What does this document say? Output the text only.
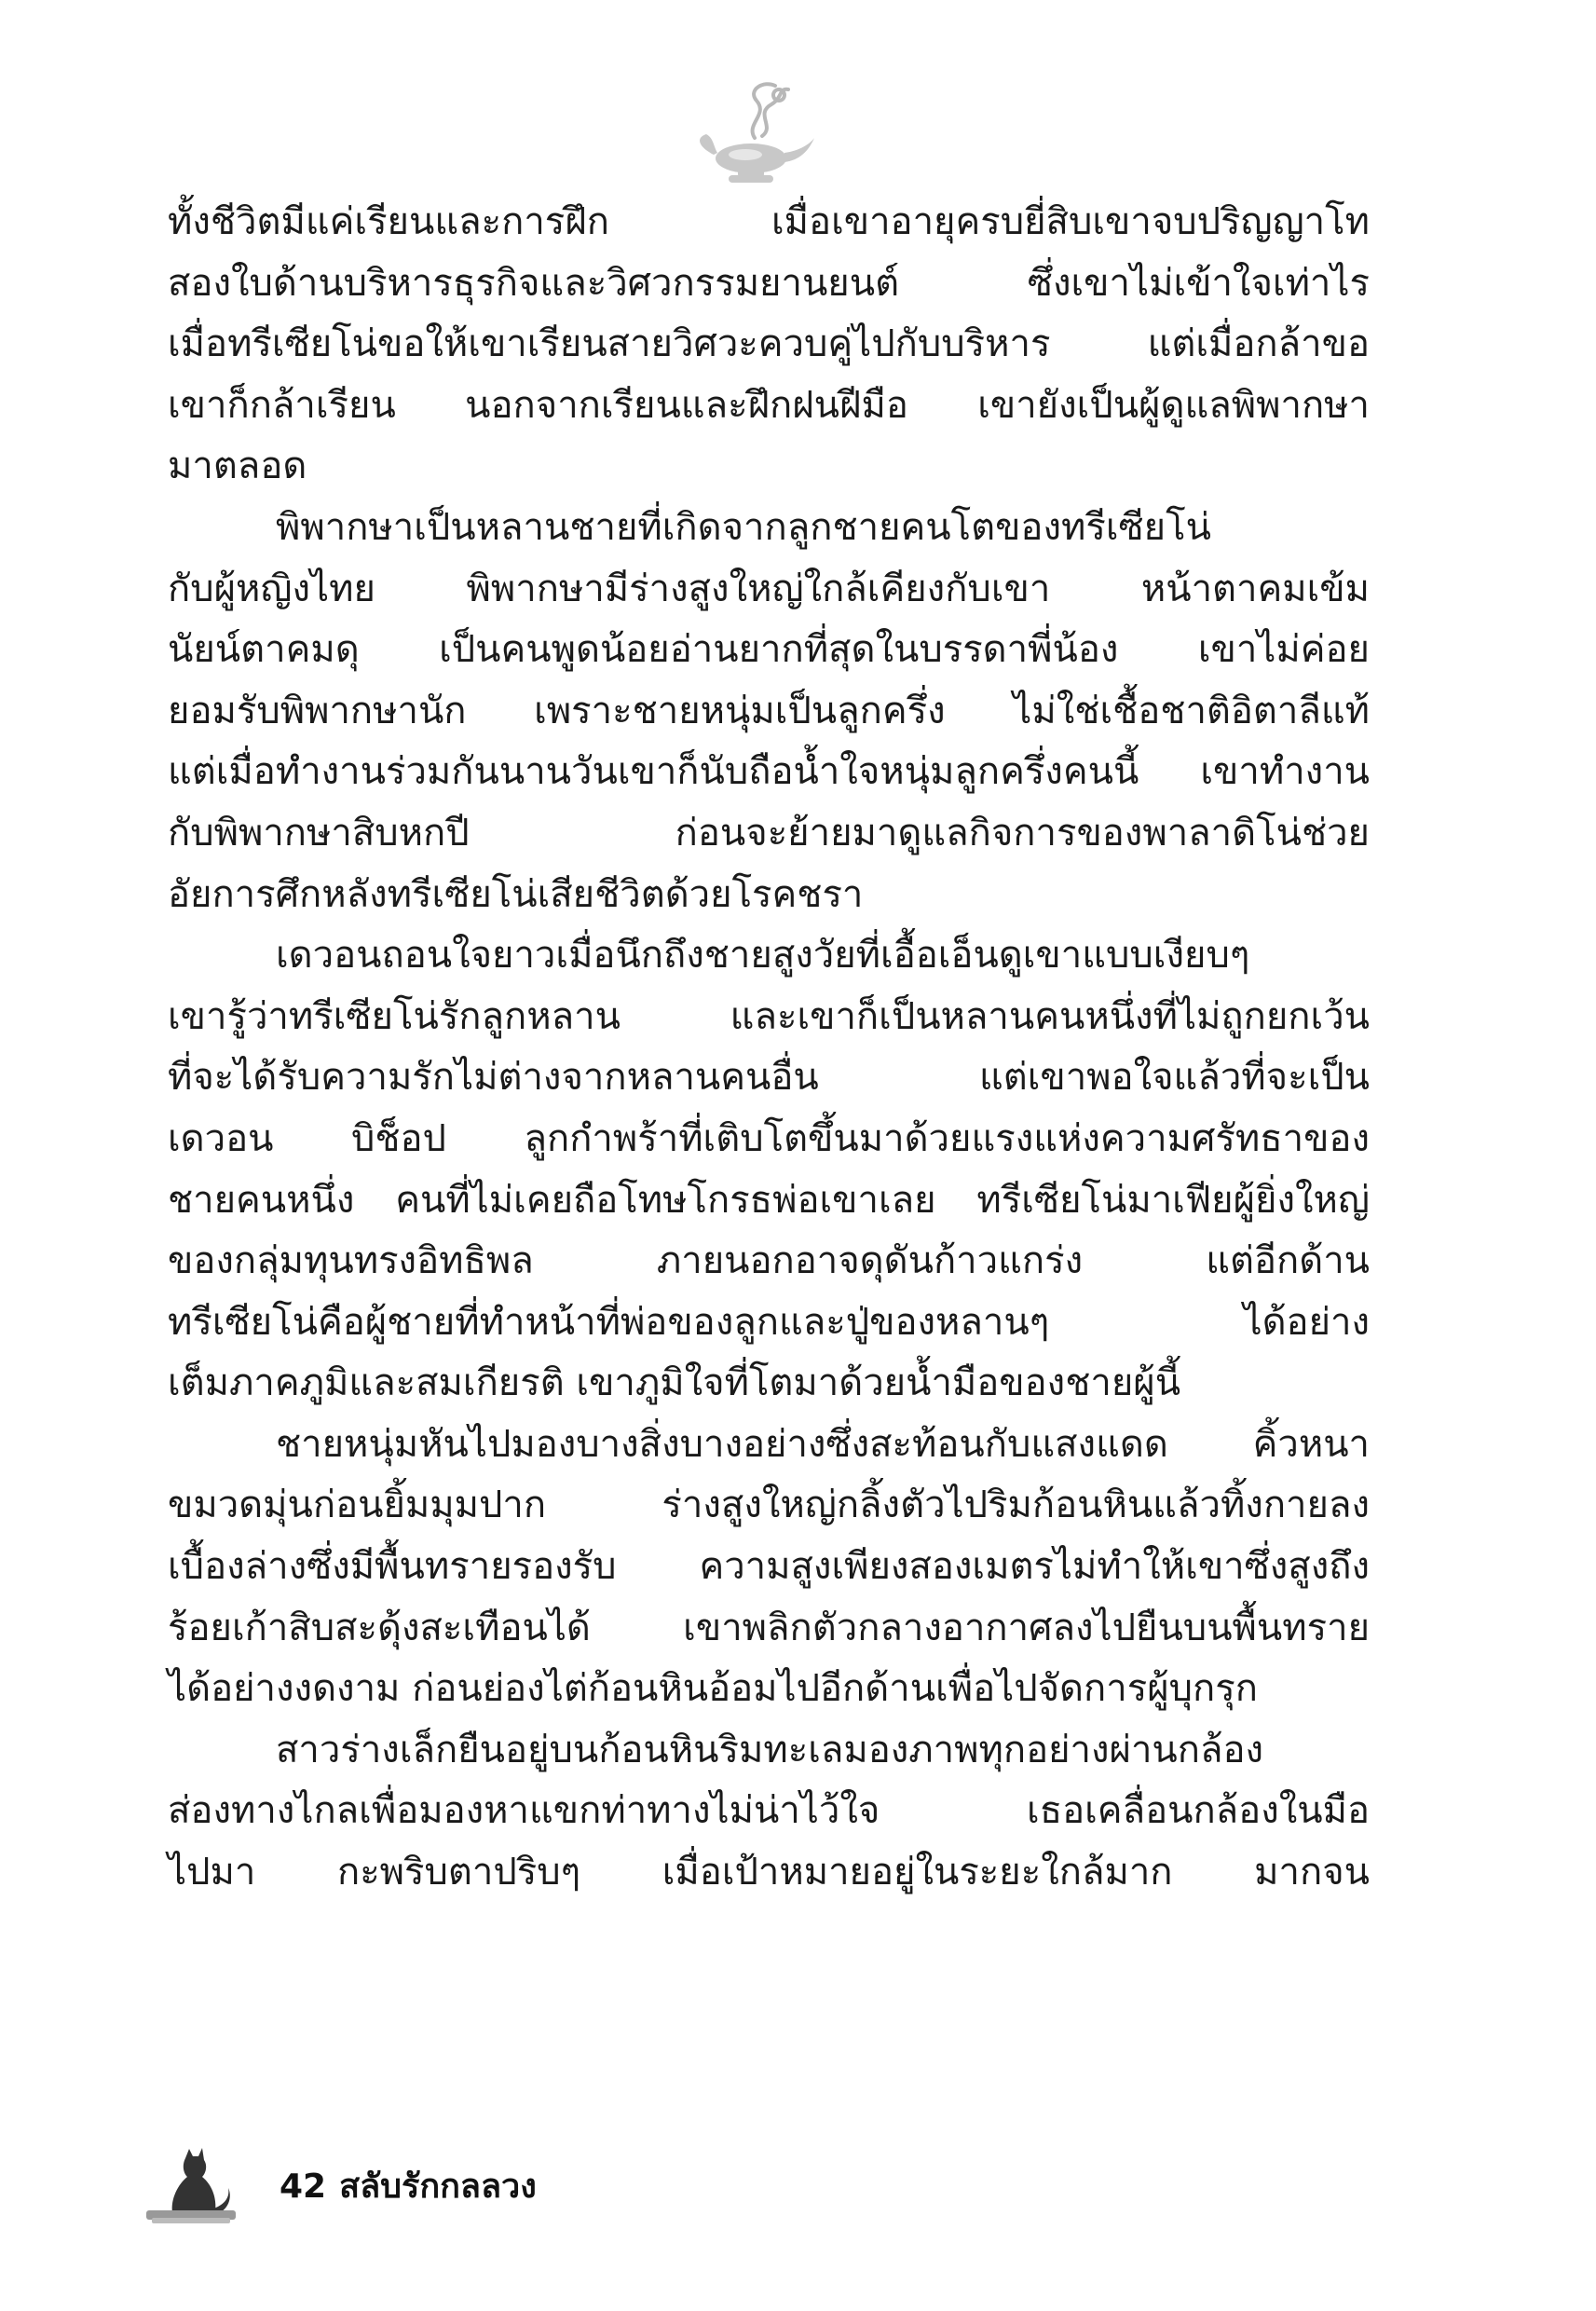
ทั้งชีวิตมีแค่เรียนและการฝึก เมื่อเขาอายุครบยี่สิบเขาจบปริญญาโท
สองใบด้านบริหารธุรกิจและวิศวกรรมยานยนต์ ซึ่งเขาไม่เข้าใจเท่าไร
เมื่อทรีเซียโน่ขอให้เขาเรียนสายวิศวะควบคู่ไปกับบริหาร แต่เมื่อกล้าขอ
เขาก็กล้าเรียน นอกจากเรียนและฝึกฝนฝีมือ เขายังเป็นผู้ดูแลพิพากษา
มาตลอด
พิพากษาเป็นหลานชายที่เกิดจากลูกชายคนโตของทรีเซียโน่
กับผู้หญิงไทย พิพากษามีร่างสูงใหญ่ใกล้เคียงกับเขา หน้าตาคมเข้ม
นัยน์ตาคมดุ เป็นคนพูดน้อยอ่านยากที่สุดในบรรดาพี่น้อง เขาไม่ค่อย
ยอมรับพิพากษานัก เพราะชายหนุ่มเป็นลูกครึ่ง ไม่ใช่เชื้อชาติอิตาลีแท้
แต่เมื่อทำงานร่วมกันนานวันเขาก็นับถือน้ำใจหนุ่มลูกครึ่งคนนี้ เขาทำงาน
กับพิพากษาสิบหกปี ก่อนจะย้ายมาดูแลกิจการของพาลาดิโน่ช่วย
อัยการศึกหลังทรีเซียโน่เสียชีวิตด้วยโรคชรา
เดวอนถอนใจยาวเมื่อนึกถึงชายสูงวัยที่เอื้อเอ็นดูเขาแบบเงียบๆ
เขารู้ว่าทรีเซียโน่รักลูกหลาน และเขาก็เป็นหลานคนหนึ่งที่ไม่ถูกยกเว้น
ที่จะได้รับความรักไม่ต่างจากหลานคนอื่น แต่เขาพอใจแล้วที่จะเป็น
เดวอน บิช็อป ลูกกำพร้าที่เติบโตขึ้นมาด้วยแรงแห่งความศรัทธาของ
ชายคนหนึ่ง คนที่ไม่เคยถือโทษโกรธพ่อเขาเลย ทรีเซียโน่มาเฟียผู้ยิ่งใหญ่
ของกลุ่มทุนทรงอิทธิพล ภายนอกอาจดุดันก้าวแกร่ง แต่อีกด้าน
ทรีเซียโน่คือผู้ชายที่ทำหน้าที่พ่อของลูกและปู่ของหลานๆ ได้อย่าง
เต็มภาคภูมิและสมเกียรติ เขาภูมิใจที่โตมาด้วยน้ำมือของชายผู้นี้
ชายหนุ่มหันไปมองบางสิ่งบางอย่างซึ่งสะท้อนกับแสงแดด คิ้วหนา
ขมวดมุ่นก่อนยิ้มมุมปาก ร่างสูงใหญ่กลิ้งตัวไปริมก้อนหินแล้วทิ้งกายลง
เบื้องล่างซึ่งมีพื้นทรายรองรับ ความสูงเพียงสองเมตรไม่ทำให้เขาซึ่งสูงถึง
ร้อยเก้าสิบสะดุ้งสะเทือนได้ เขาพลิกตัวกลางอากาศลงไปยืนบนพื้นทราย
ได้อย่างงดงาม ก่อนย่องไต่ก้อนหินอ้อมไปอีกด้านเพื่อไปจัดการผู้บุกรุก
สาวร่างเล็กยืนอยู่บนก้อนหินริมทะเลมองภาพทุกอย่างผ่านกล้อง
ส่องทางไกลเพื่อมองหาแขกท่าทางไม่น่าไว้ใจ เธอเคลื่อนกล้องในมือ
ไปมา กะพริบตาปริบๆ เมื่อเป้าหมายอยู่ในระยะใกล้มาก มากจน
42 สลับรักกลลวง
